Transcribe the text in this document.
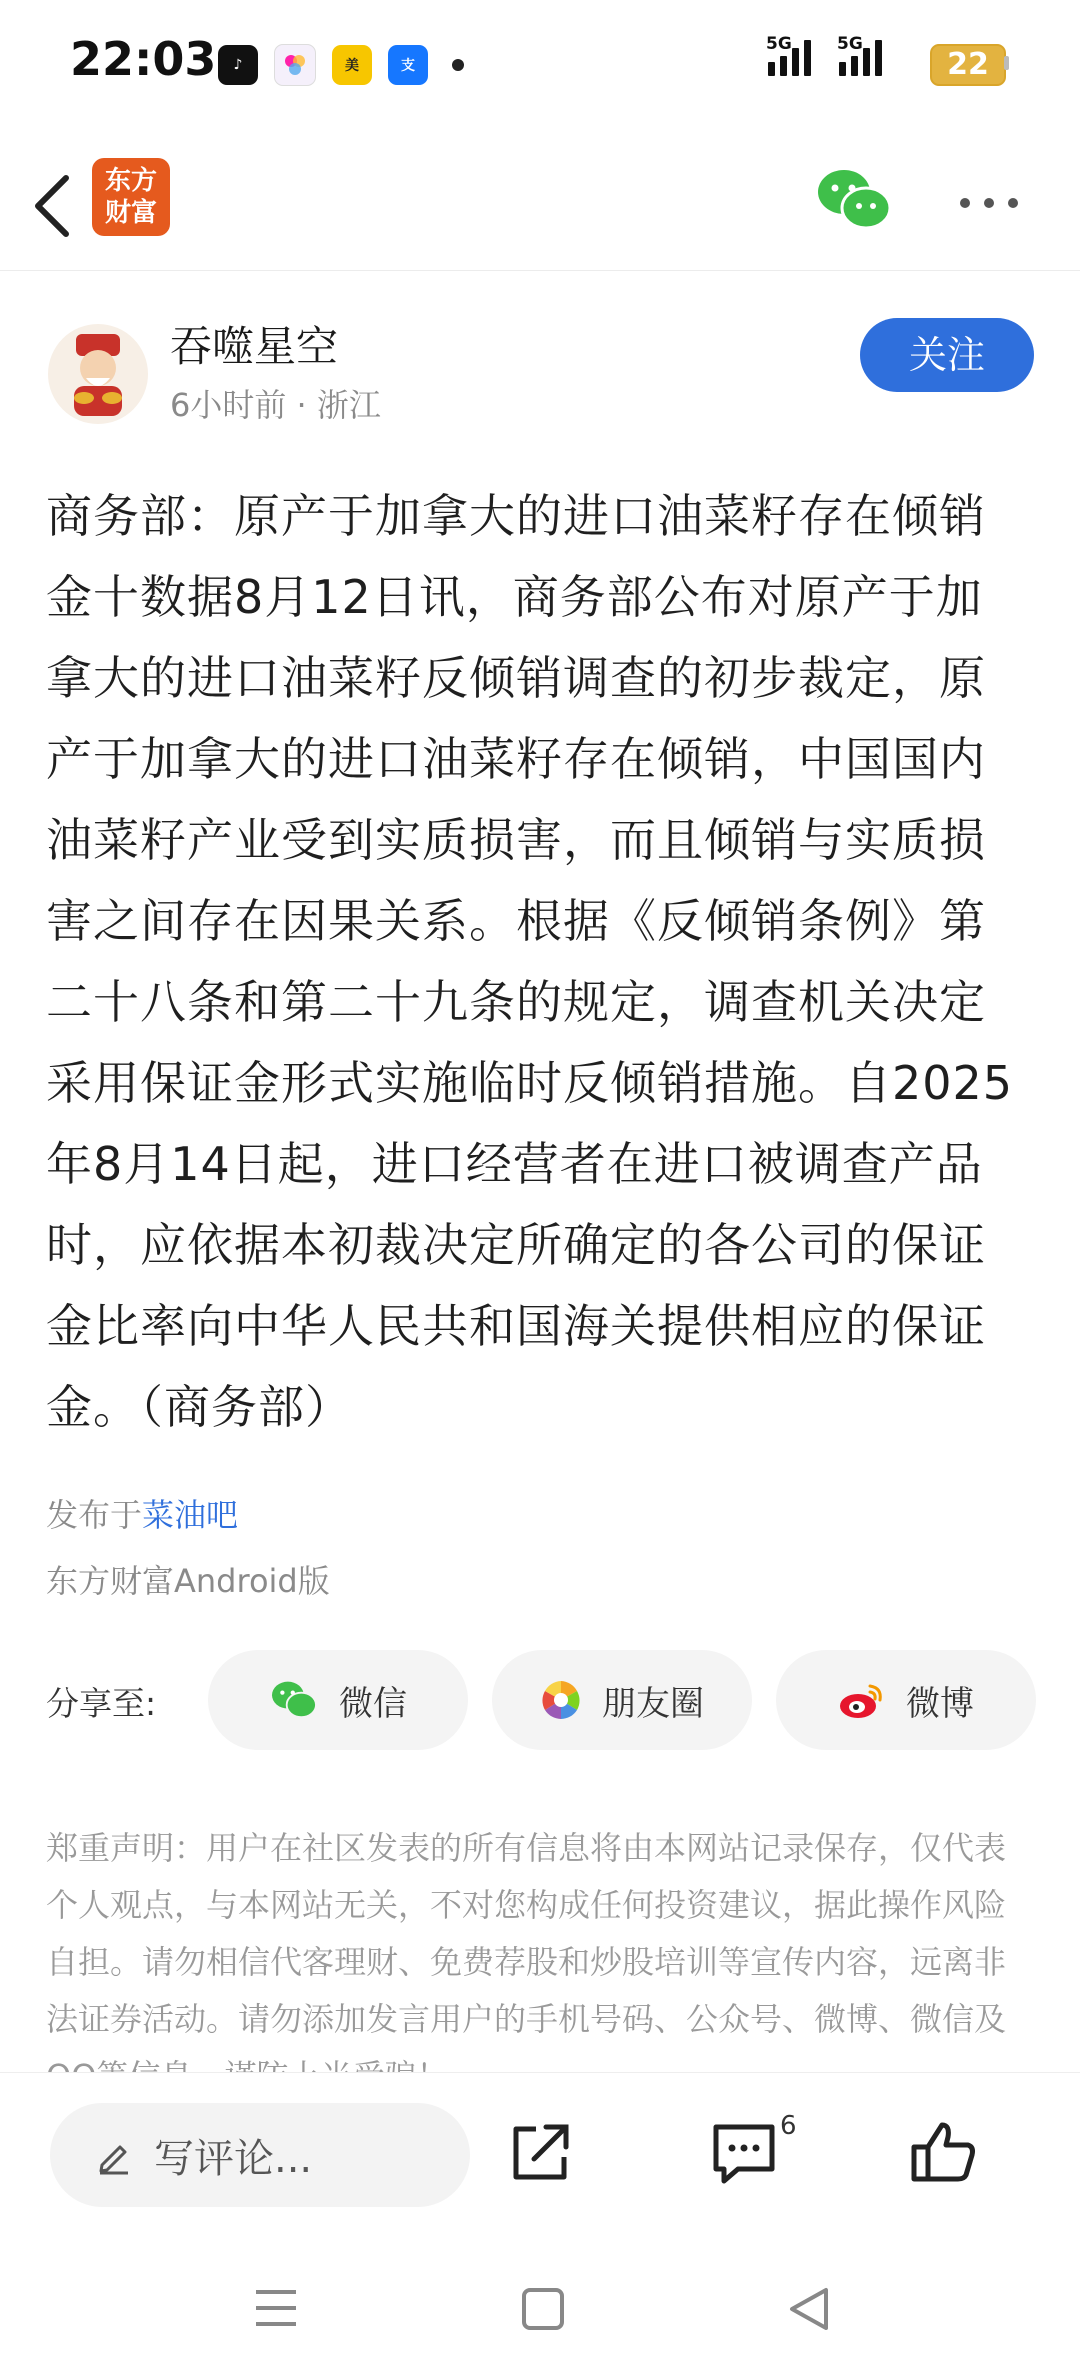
22:03	♪	美	支
5G	5G
22
东方
财富
吞噬星空
6小时前 · 浙江
关注
商务部：原产于加拿大的进口油菜籽存在倾销
金十数据8月12日讯，商务部公布对原产于加
拿大的进口油菜籽反倾销调查的初步裁定，原
产于加拿大的进口油菜籽存在倾销，中国国内
油菜籽产业受到实质损害，而且倾销与实质损
害之间存在因果关系。根据《反倾销条例》第
二十八条和第二十九条的规定，调查机关决定
采用保证金形式实施临时反倾销措施。自2025
年8月14日起，进口经营者在进口被调查产品
时，应依据本初裁决定所确定的各公司的保证
金比率向中华人民共和国海关提供相应的保证
金。（商务部）
发布于菜油吧
东方财富Android版
分享至:	微信	朋友圈	微博
郑重声明：用户在社区发表的所有信息将由本网站记录保存，仅代表个人观点，与本网站无关，不对您构成任何投资建议，据此操作风险自担。请勿相信代客理财、免费荐股和炒股培训等宣传内容，远离非法证券活动。请勿添加发言用户的手机号码、公众号、微博、微信及
写评论...
6
